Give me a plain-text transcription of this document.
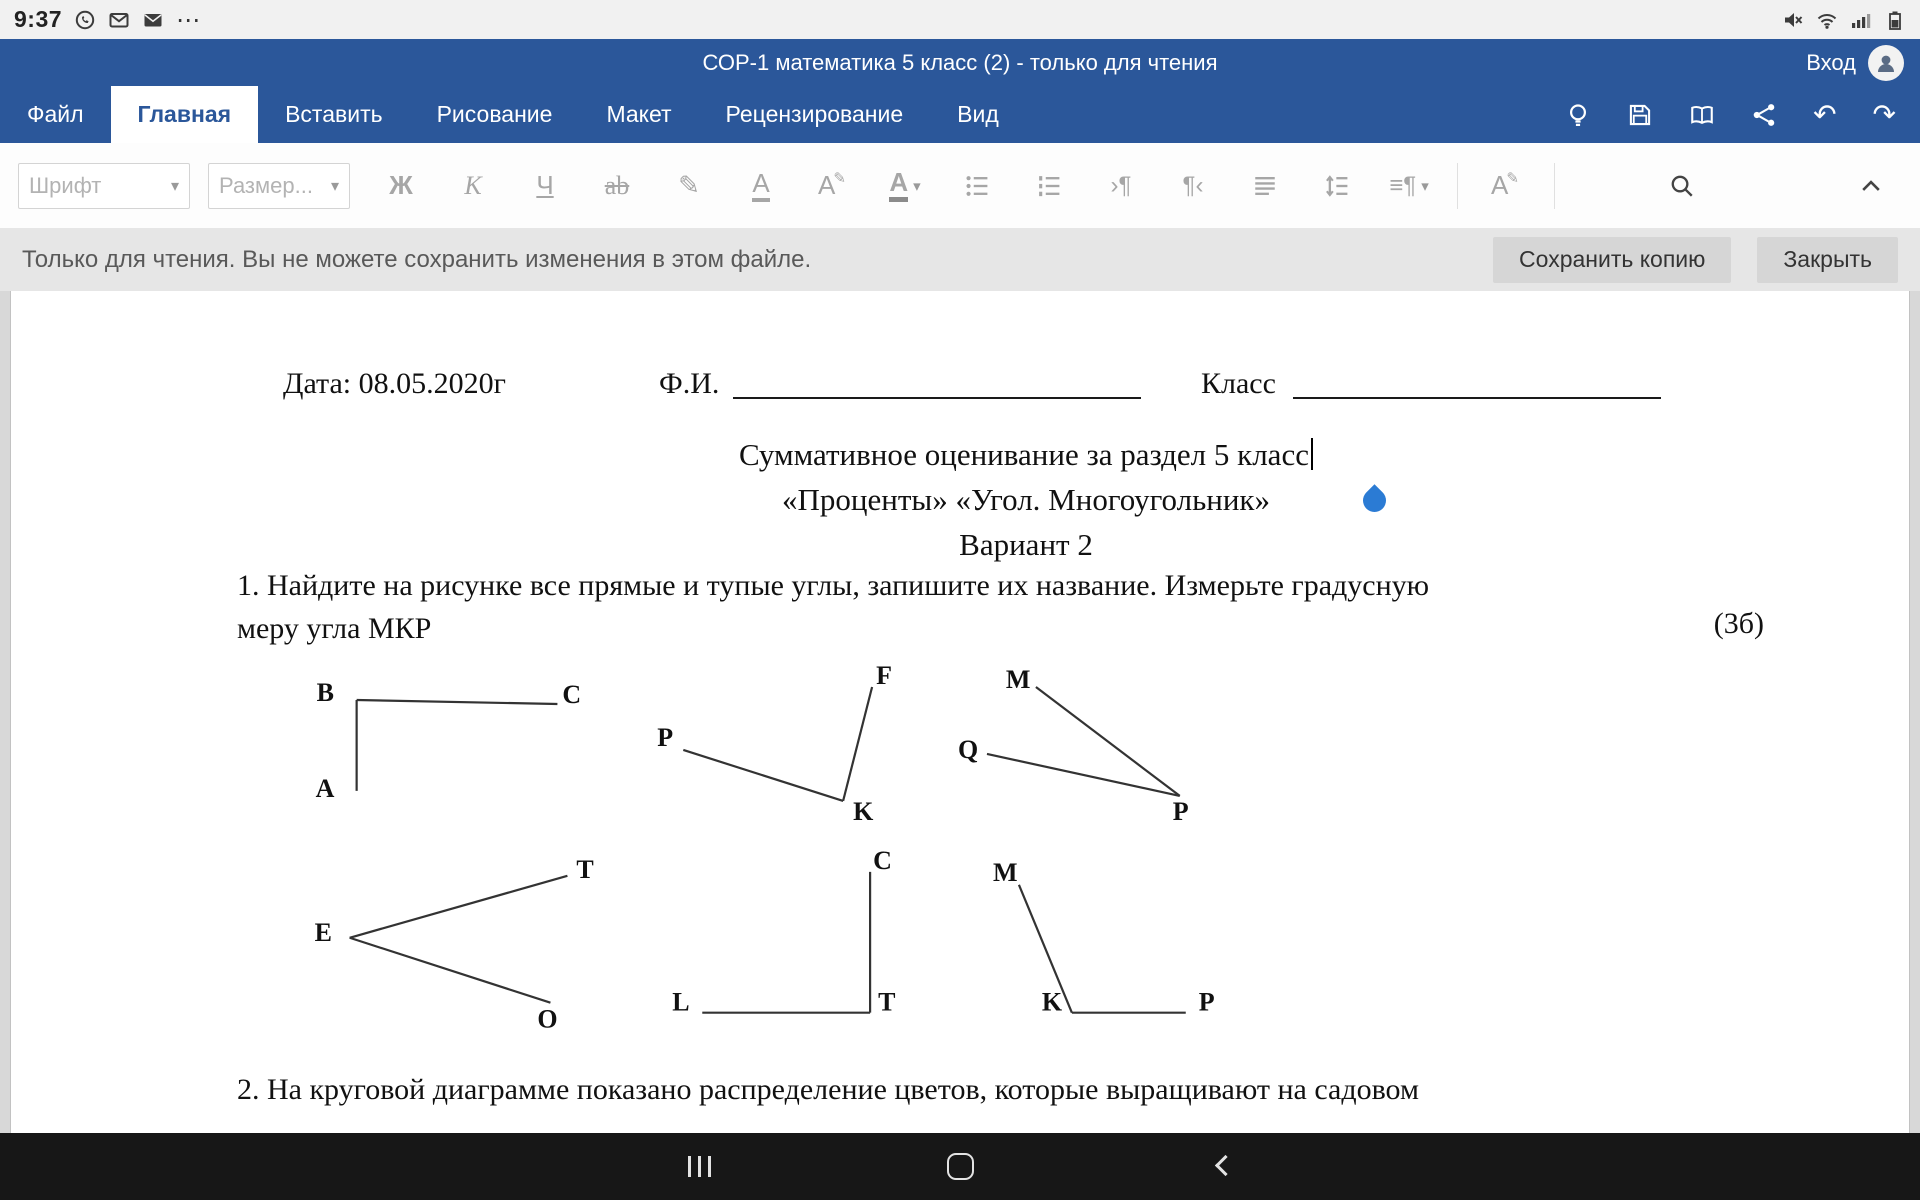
9:37	⋯
СОР-1 математика 5 класс (2) - только для чтения	Вход
Файл	Главная	Вставить	Рисование	Макет	Рецензирование	Вид	↶ ↷
Шрифт	▾ Размер... ▾	Ж	К	Ч	ab	✎ А А
✎ А ▾	›¶ ¶‹	≡¶ ▾ А
✎
Только для чтения. Вы не можете сохранить изменения в этом файле.	Сохранить копию	Закрыть
Дата: 08.05.2020г	Ф.И.	Класс
Суммативное оценивание за раздел 5 класс
«Проценты» «Угол. Многоугольник»
Вариант 2
1. Найдите на рисунке все прямые и тупые углы, запишите их название. Измерьте градусную
меру угла МКР	(3б)
B	C
A
F
P
K
M
Q
P
T
E
O
C
L	T
M
K	P
2. На круговой диаграмме показано распределение цветов, которые выращивают на садовом
